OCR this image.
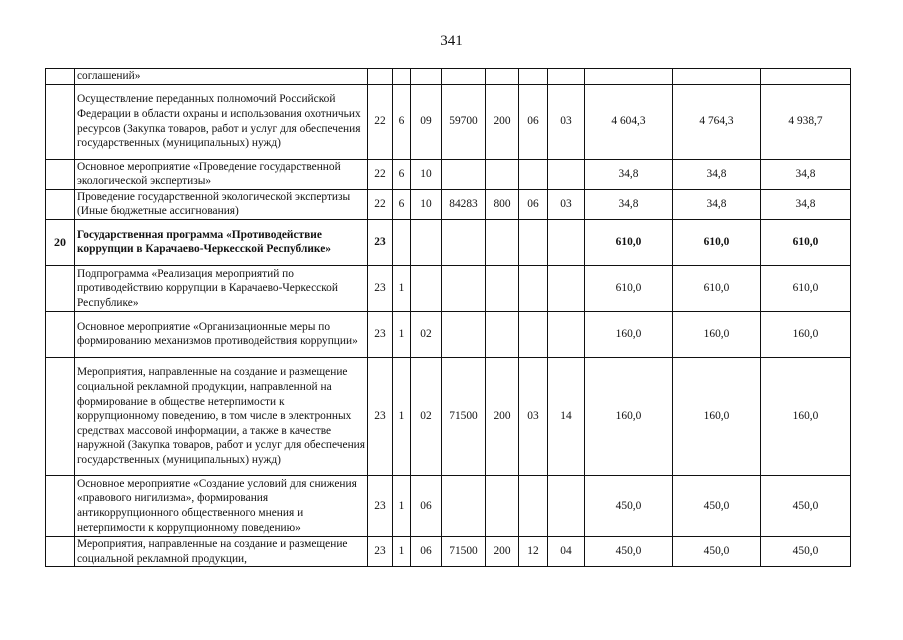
341
	соглашений»										
	Осуществление переданных полномочий Российской Федерации в области охраны и использования охотничьих ресурсов (Закупка товаров, работ и услуг для обеспечения государственных (муниципальных) нужд)	22	6	09	59700	200	06	03	4 604,3	4 764,3	4 938,7
	Основное мероприятие «Проведение государственной экологической экспертизы»	22	6	10					34,8	34,8	34,8
	Проведение государственной экологической экспертизы (Иные бюджетные ассигнования)	22	6	10	84283	800	06	03	34,8	34,8	34,8
20	Государственная программа «Противодействие коррупции в Карачаево-Черкесской Республике»	23							610,0	610,0	610,0
	Подпрограмма «Реализация мероприятий по противодействию коррупции в Карачаево-Черкесской Республике»	23	1						610,0	610,0	610,0
	Основное мероприятие «Организационные меры по формированию механизмов противодействия коррупции»	23	1	02					160,0	160,0	160,0
	Мероприятия, направленные на создание и размещение социальной рекламной продукции, направленной на формирование в обществе нетерпимости к коррупционному поведению, в том числе в электронных средствах массовой информации, а также в качестве наружной (Закупка товаров, работ и услуг для обеспечения государственных (муниципальных) нужд)	23	1	02	71500	200	03	14	160,0	160,0	160,0
	Основное мероприятие «Создание условий для снижения «правового нигилизма», формирования антикоррупционного общественного мнения и нетерпимости к коррупционному поведению»	23	1	06					450,0	450,0	450,0
	Мероприятия, направленные на создание и размещение социальной рекламной продукции,	23	1	06	71500	200	12	04	450,0	450,0	450,0
